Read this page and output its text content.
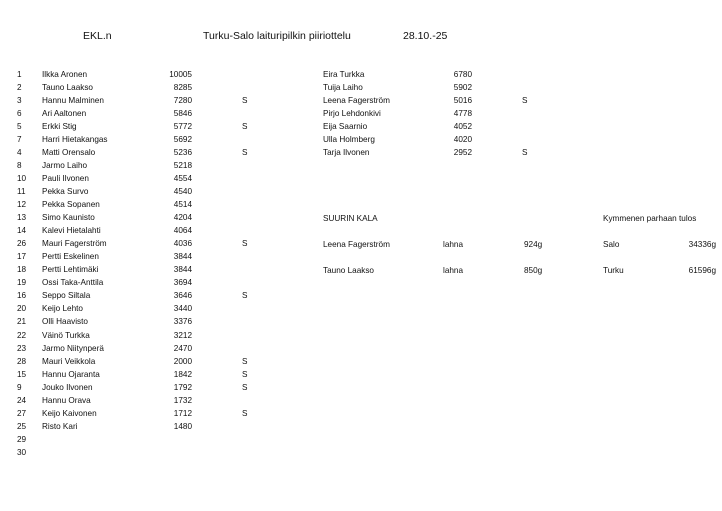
EKL.n	Turku-Salo laituripilkin piiriottelu	28.10.-25
1 Ilkka Aronen	10005
2 Tauno Laakso	8285
3 Hannu Malminen	7280	S
6 Ari Aaltonen	5846
5 Erkki Stig	5772	S
7 Harri Hietakangas	5692
4 Matti Orensalo	5236	S
8 Jarmo Laiho	5218
10 Pauli Ilvonen	4554
11 Pekka Survo	4540
12 Pekka Sopanen	4514
13 Simo Kaunisto	4204
14 Kalevi Hietalahti	4064
26 Mauri Fagerström	4036	S
17 Pertti Eskelinen	3844
18 Pertti Lehtimäki	3844
19 Ossi Taka-Anttila	3694
16 Seppo Siltala	3646	S
20 Keijo Lehto	3440
21 Olli Haavisto	3376
22 Väinö Turkka	3212
23 Jarmo Niitynperä	2470
28 Mauri Veikkola	2000	S
15 Hannu Ojaranta	1842	S
9 Jouko Ilvonen	1792	S
24 Hannu Orava	1732
27 Keijo Kaivonen	1712	S
25 Risto Kari	1480
29
30
Eira Turkka	6780
Tuija Laiho	5902
Leena Fagerström	5016	S
Pirjo Lehdonkivi	4778
Eija Saarnio	4052
Ulla Holmberg	4020
Tarja Ilvonen	2952	S
SUURIN KALA
Leena Fagerström	lahna	924g
Tauno Laakso	lahna	850g
Kymmenen parhaan tulos
Salo	34336g
Turku	61596g
